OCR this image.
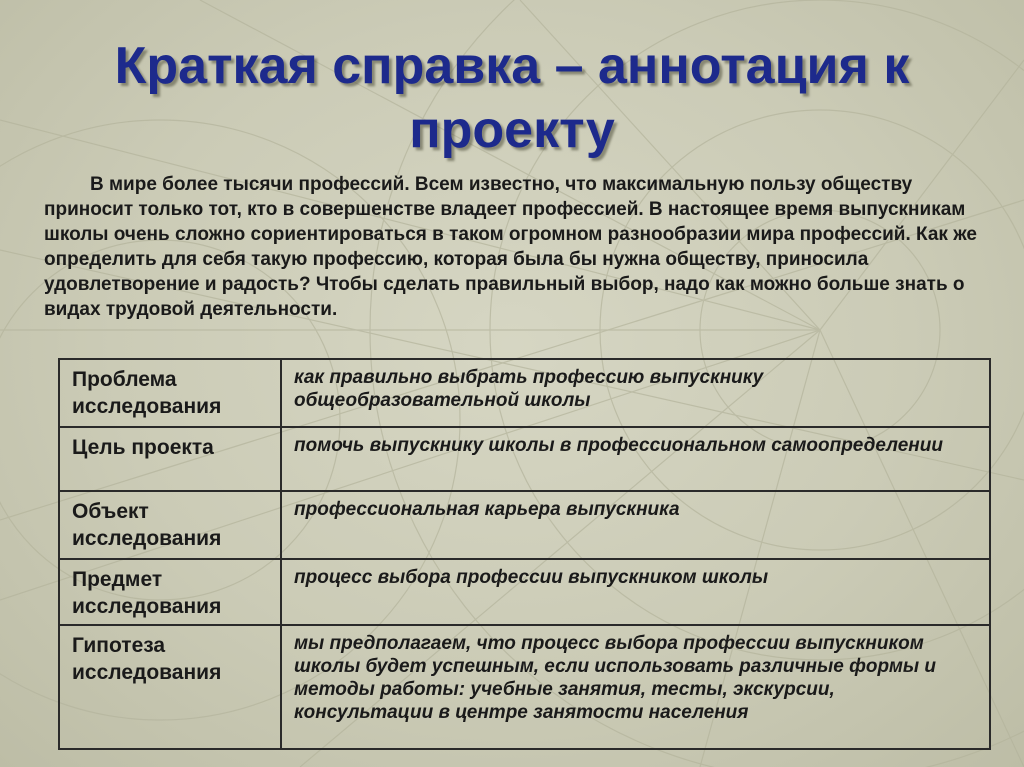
Краткая справка – аннотация к
проекту

В мире более тысячи профессий. Всем известно, что максимальную пользу обществу приносит только тот, кто в совершенстве владеет профессией. В настоящее время выпускникам школы очень сложно сориентироваться в таком огромном разнообразии мира профессий. Как же определить для себя такую профессию, которая была бы нужна обществу, приносила удовлетворение и радость? Чтобы сделать правильный выбор, надо как можно больше знать о видах трудовой деятельности.

Проблема
исследования	как правильно выбрать профессию выпускнику общеобразовательной школы
Цель проекта	помочь выпускнику школы в профессиональном самоопределении
Объект
исследования	профессиональная карьера выпускника
Предмет
исследования	процесс выбора профессии выпускником школы
Гипотеза
исследования	мы предполагаем, что процесс выбора профессии выпускником школы будет успешным, если использовать различные формы и методы работы: учебные занятия, тесты, экскурсии, консультации в центре занятости населения
